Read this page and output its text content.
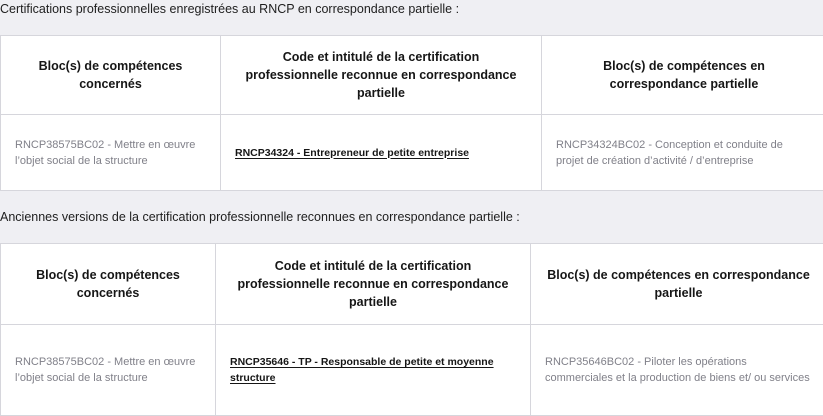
Certifications professionnelles enregistrées au RNCP en correspondance partielle :
Bloc(s) de compétences concernés	Code et intitulé de la certification professionnelle reconnue en correspondance partielle	Bloc(s) de compétences en correspondance partielle
RNCP38575BC02 - Mettre en œuvre l’objet social de la structure	RNCP34324 - Entrepreneur de petite entreprise	RNCP34324BC02 - Conception et conduite de projet de création d’activité / d’entreprise
Anciennes versions de la certification professionnelle reconnues en correspondance partielle :
Bloc(s) de compétences concernés	Code et intitulé de la certification professionnelle reconnue en correspondance partielle	Bloc(s) de compétences en correspondance partielle
RNCP38575BC02 - Mettre en œuvre l’objet social de la structure	RNCP35646 - TP - Responsable de petite et moyenne structure	RNCP35646BC02 - Piloter les opérations commerciales et la production de biens et/ ou services
